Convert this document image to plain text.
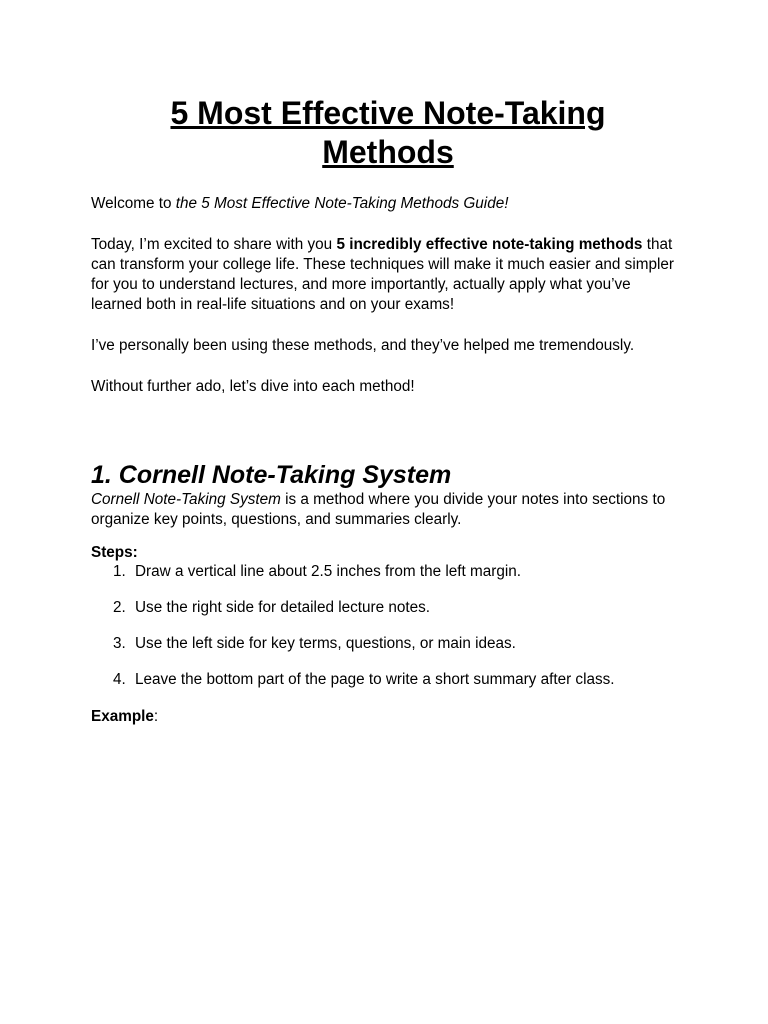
5 Most Effective Note-Taking
Methods

Welcome to the 5 Most Effective Note-Taking Methods Guide!

Today, I’m excited to share with you 5 incredibly effective note-taking methods that can transform your college life. These techniques will make it much easier and simpler for you to understand lectures, and more importantly, actually apply what you’ve learned both in real-life situations and on your exams!

I’ve personally been using these methods, and they’ve helped me tremendously.

Without further ado, let’s dive into each method!

1. Cornell Note-Taking System

Cornell Note-Taking System is a method where you divide your notes into sections to organize key points, questions, and summaries clearly.

Steps:

1. Draw a vertical line about 2.5 inches from the left margin.
2. Use the right side for detailed lecture notes.
3. Use the left side for key terms, questions, or main ideas.
4. Leave the bottom part of the page to write a short summary after class.

Example:
